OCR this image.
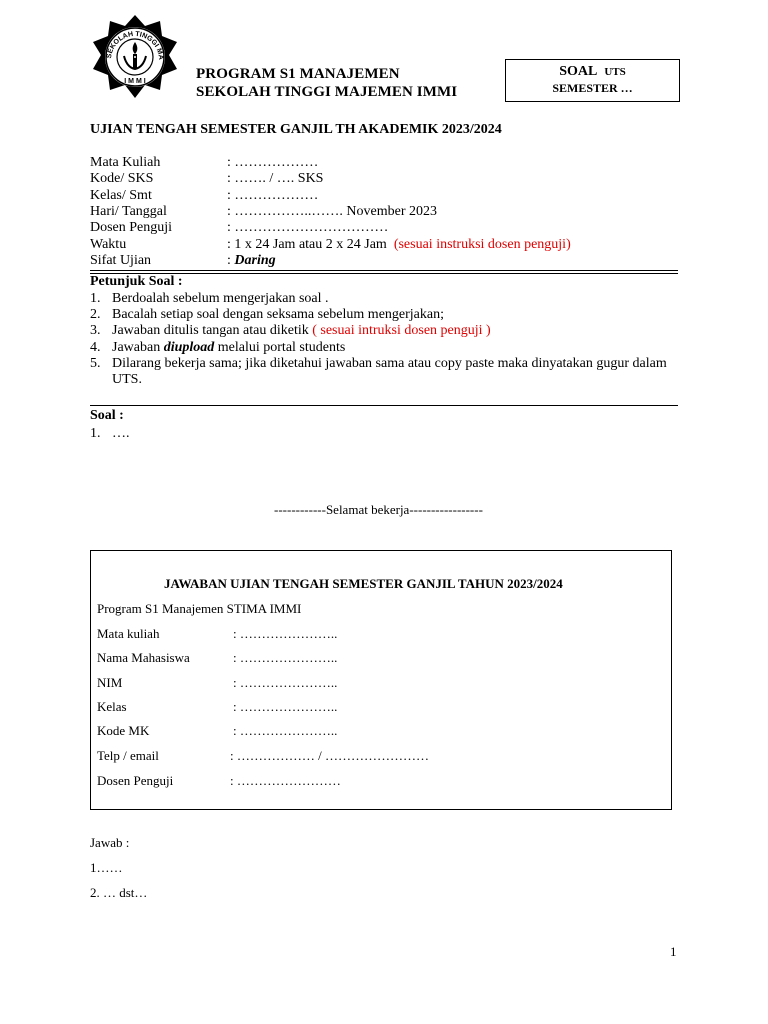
SEKOLAH TINGGI MA
I M M I	PROGRAM S1 MANAJEMEN
SEKOLAH TINGGI MAJEMEN IMMI
SOAL UTS
SEMESTER …
UJIAN TENGAH SEMESTER GANJIL TH AKADEMIK 2023/2024
Mata Kuliah	: ………………
Kode/ SKS	: ……. / …. SKS
Kelas/ Smt	: ………………
Hari/ Tanggal	: ……………..……. November 2023
Dosen Penguji	: ……………………………
Waktu	: 1 x 24 Jam atau 2 x 24 Jam (sesuai instruksi dosen penguji)
Sifat Ujian	: Daring
Petunjuk Soal :
1. Berdoalah sebelum mengerjakan soal .
2. Bacalah setiap soal dengan seksama sebelum mengerjakan;
3. Jawaban ditulis tangan atau diketik ( sesuai intruksi dosen penguji )
4. Jawaban diupload melalui portal students
5. Dilarang bekerja sama; jika diketahui jawaban sama atau copy paste maka dinyatakan gugur dalam UTS.
Soal :
1. ….
------------Selamat bekerja-----------------
JAWABAN UJIAN TENGAH SEMESTER GANJIL TAHUN 2023/2024
Program S1 Manajemen STIMA IMMI
Mata kuliah	: …………………..
Nama Mahasiswa	: …………………..
NIM	: …………………..
Kelas	: …………………..
Kode MK	: …………………..
Telp / email	: ……………… / ……………………
Dosen Penguji	: ……………………
Jawab :
1……
2. … dst…
1
